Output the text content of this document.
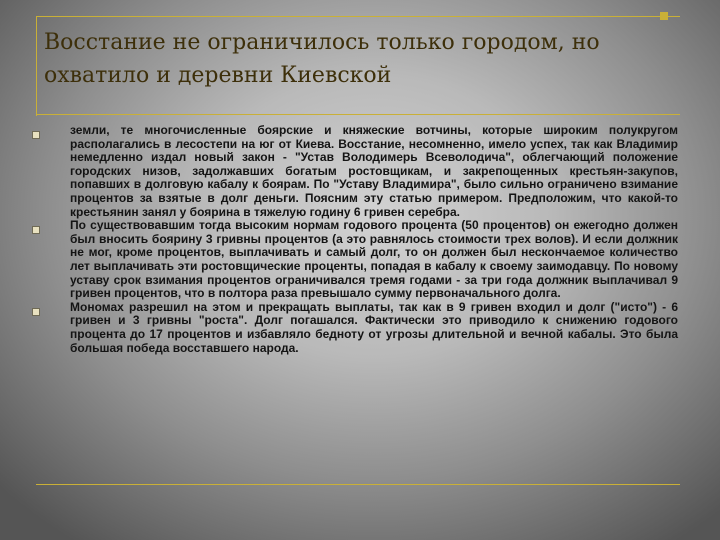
Восстание не ограничилось только городом, но охватило и деревни Киевской
земли, те многочисленные боярские и княжеские вотчины, которые широким полукругом располагались в лесостепи на юг от Киева. Восстание, несомненно, имело успех, так как Владимир немедленно издал новый закон - "Устав Володимерь Всеволодича", облегчающий положение городских низов, задолжавших богатым ростовщикам, и закрепощенных крестьян-закупов, попавших в долговую кабалу к боярам. По "Уставу Владимира", было сильно ограничено взимание процентов за взятые в долг деньги. Поясним эту статью примером. Предположим, что какой-то крестьянин занял у боярина в тяжелую годину 6 гривен серебра.
По существовавшим тогда высоким нормам годового процента (50 процентов) он ежегодно должен был вносить боярину 3 гривны процентов (а это равнялось стоимости трех волов). И если должник не мог, кроме процентов, выплачивать и самый долг, то он должен был нескончаемое количество лет выплачивать эти ростовщические проценты, попадая в кабалу к своему заимодавцу. По новому уставу срок взимания процентов ограничивался тремя годами - за три года должник выплачивал 9 гривен процентов, что в полтора раза превышало сумму первоначального долга.
Мономах разрешил на этом и прекращать выплаты, так как в 9 гривен входил и долг ("исто") - 6 гривен и 3 гривны "роста". Долг погашался. Фактически это приводило к снижению годового процента до 17 процентов и избавляло бедноту от угрозы длительной и вечной кабалы. Это была большая победа восставшего народа.
